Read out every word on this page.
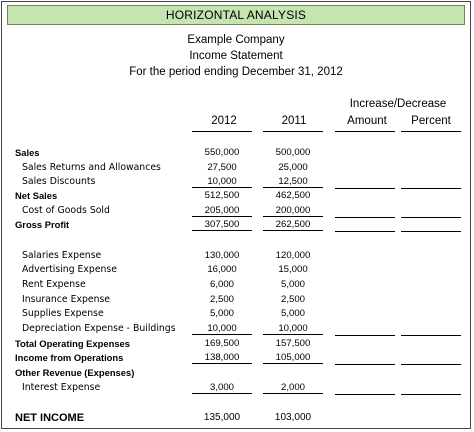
HORIZONTAL ANALYSIS
Example Company
Income Statement
For the period ending December 31, 2012
Increase/Decrease
2012	2011	Amount	Percent
Sales	550,000	500,000
Sales Returns and Allowances	27,500	25,000
Sales Discounts	10,000	12,500
Net Sales	512,500	462,500
Cost of Goods Sold	205,000	200,000
Gross Profit	307,500	262,500
Salaries Expense	130,000	120,000
Advertising Expense	16,000	15,000
Rent Expense	6,000	5,000
Insurance Expense	2,500	2,500
Supplies Expense	5,000	5,000
Depreciation Expense - Buildings	10,000	10,000
Total Operating Expenses	169,500	157,500
Income from Operations	138,000	105,000
Other Revenue (Expenses)
Interest Expense	3,000	2,000
NET INCOME	135,000	103,000
